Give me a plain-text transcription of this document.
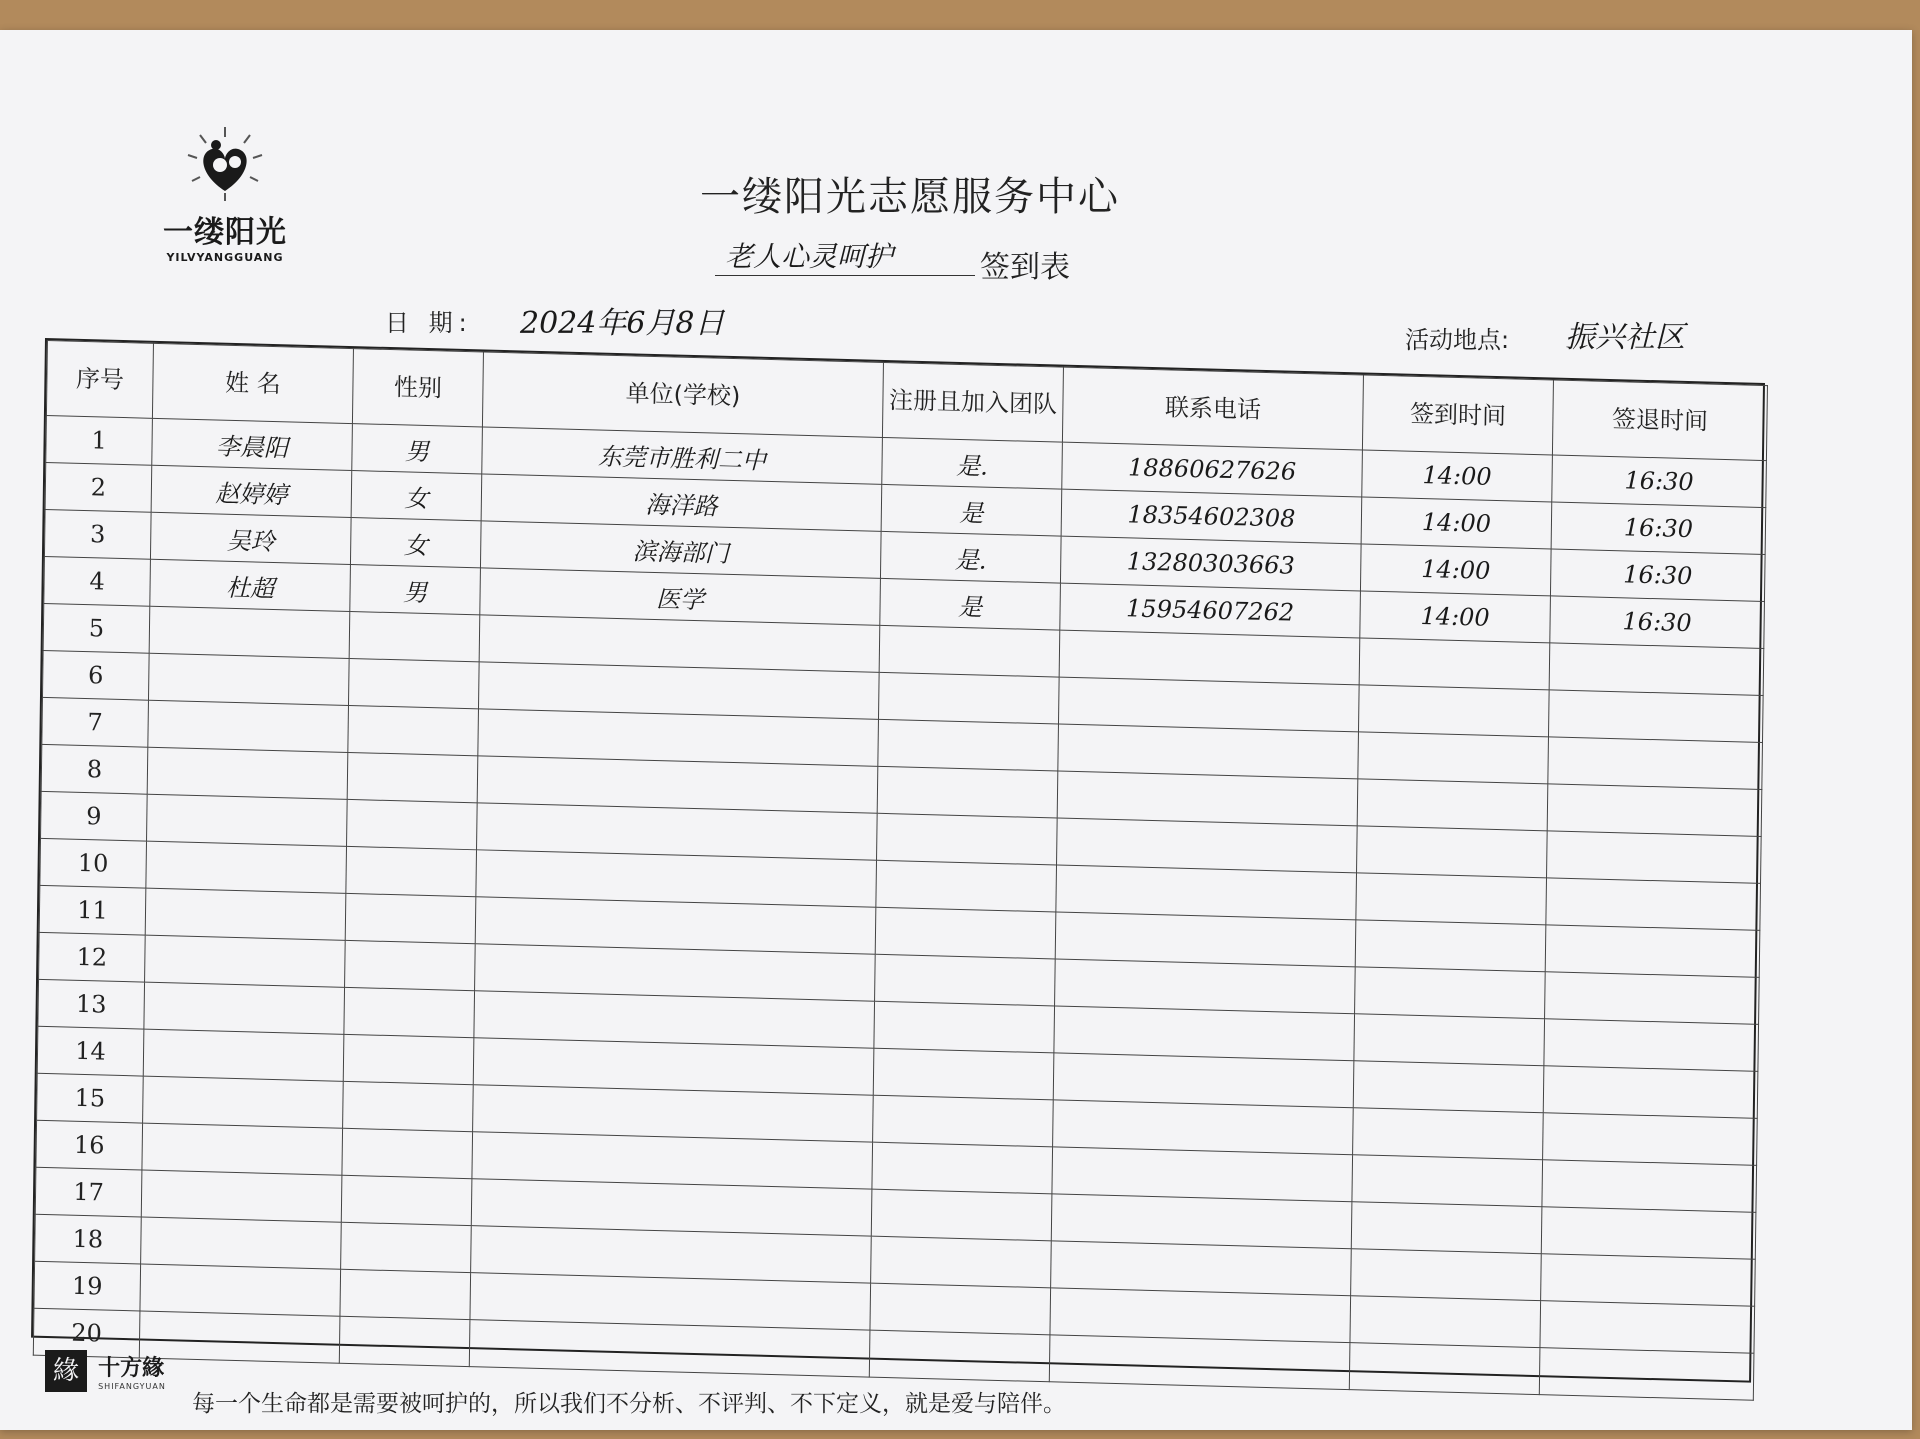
一缕阳光
YILVYANGGUANG
一缕阳光志愿服务中心
老人心灵呵护	签到表
日 期: 2024年6月8日	活动地点: 振兴社区
序号	姓 名	性别	单位(学校)	注册且加入团队	联系电话	签到时间	签退时间
1	李晨阳	男	东莞市胜利二中	是.	18860627626	14:00	16:30
2	赵婷婷	女	海洋路	是	18354602308	14:00	16:30
3	吴玲	女	滨海部门	是.	13280303663	14:00	16:30
4	杜超	男	医学	是	15954607262	14:00	16:30
5							
6							
7							
8							
9							
10							
11							
12							
13							
14							
15							
16							
17							
18							
19							
20							
緣 十方緣
SHIFANGYUAN
每一个生命都是需要被呵护的，所以我们不分析、不评判、不下定义，就是爱与陪伴。
